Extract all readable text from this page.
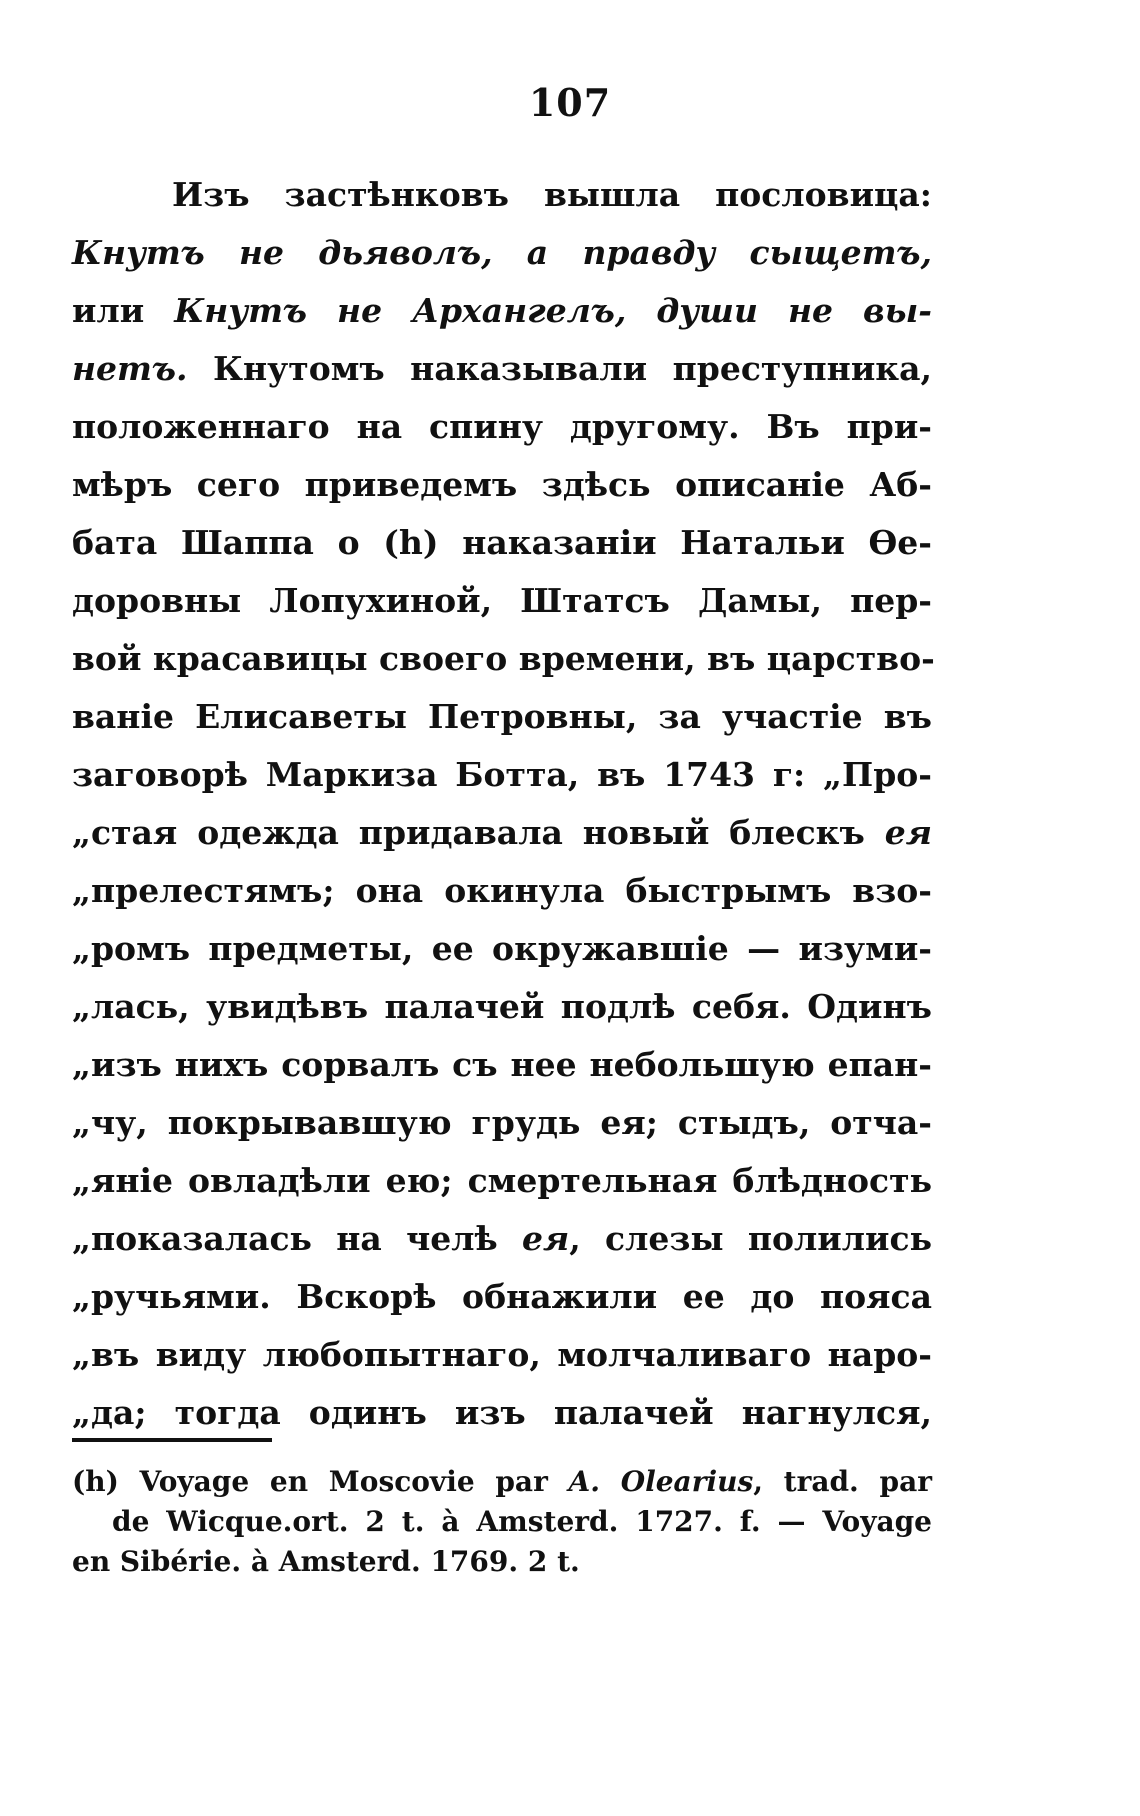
107
Изъ застѣнковъ вышла пословица:
Кнутъ не дьяволъ, а правду сыщетъ,
или Кнутъ не Архангелъ, души не вы-
нетъ. Кнутомъ наказывали преступника,
положеннаго на спину другому. Въ при-
мѣръ сего приведемъ здѣсь описаніе Аб-
бата Шаппа о (h) наказаніи Натальи Ѳе-
доровны Лопухиной, Штатсъ Дамы, пер-
вой красавицы своего времени, въ царство-
ваніе Елисаветы Петровны, за участіе въ
заговорѣ Маркиза Ботта, въ 1743 г: „Про-
„стая одежда придавала новый блескъ ея
„прелестямъ; она окинула быстрымъ взо-
„ромъ предметы, ее окружавшіе — изуми-
„лась, увидѣвъ палачей подлѣ себя. Одинъ
„изъ нихъ сорвалъ съ нее небольшую епан-
„чу, покрывавшую грудь ея; стыдъ, отча-
„яніе овладѣли ею; смертельная блѣдность
„показалась на челѣ ея, слезы полились
„ручьями. Вскорѣ обнажили ее до пояса
„въ виду любопытнаго, молчаливаго наро-
„да; тогда одинъ изъ палачей нагнулся,
(h) Voyage en Moscovie par A. Olearius, trad. par
de Wicque.ort. 2 t. à Amsterd. 1727. f. — Voyage
en Sibérie. à Amsterd. 1769. 2 t.
